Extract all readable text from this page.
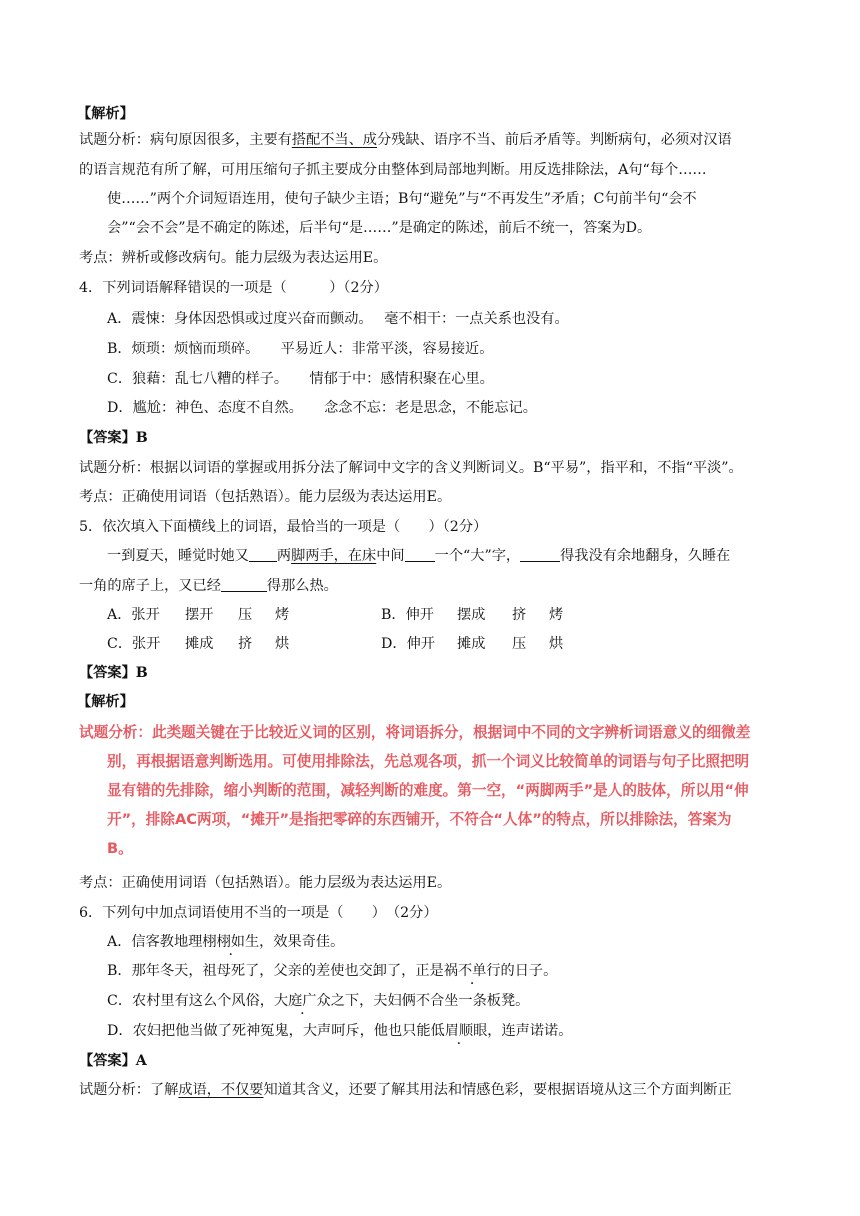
【解析】
试题分析：病句原因很多，主要有搭配不当、成分残缺、语序不当、前后矛盾等。判断病句，必须对汉语
的语言规范有所了解，可用压缩句子抓主要成分由整体到局部地判断。用反选排除法，A句“每个……
使……”两个介词短语连用，使句子缺少主语；B句“避免”与“不再发生”矛盾；C句前半句“会不
会”“会不会”是不确定的陈述，后半句“是……”是确定的陈述，前后不统一，答案为D。
考点：辨析或修改病句。能力层级为表达运用E。
4．下列词语解释错误的一项是（　　　）（2分）
A．震悚：身体因恐惧或过度兴奋而颤动。　 毫不相干：一点关系也没有。
B．烦琐：烦恼而琐碎。　　平易近人：非常平淡，容易接近。
C．狼藉：乱七八糟的样子。　　情郁于中：感情积聚在心里。
D．尴尬：神色、态度不自然。　　念念不忘：老是思念，不能忘记。
【答案】B
试题分析：根据以词语的掌握或用拆分法了解词中文字的含义判断词义。B“平易”，指平和，不指“平淡”。
考点：正确使用词语（包括熟语）。能力层级为表达运用E。
5．依次填入下面横线上的词语，最恰当的一项是（　　）（2分）
一到夏天，睡觉时她又 两脚两手，在床中间 一个“大”字，	得我没有余地翻身，久睡在
一角的席子上，又已经	得那么热。
A．张开 摆开 压 烤	B．伸开 摆成 挤 烤
C．张开 摊成 挤 烘	D．伸开 摊成 压 烘
【答案】B
【解析】
试题分析：此类题关键在于比较近义词的区别，将词语拆分，根据词中不同的文字辨析词语意义的细微差
别，再根据语意判断选用。可使用排除法，先总观各项，抓一个词义比较简单的词语与句子比照把明
显有错的先排除，缩小判断的范围，减轻判断的难度。第一空，“两脚两手”是人的肢体，所以用“伸
开”，排除AC两项，“摊开”是指把零碎的东西铺开，不符合“人体”的特点，所以排除法，答案为
B。
考点：正确使用词语（包括熟语）。能力层级为表达运用E。
6．下列句中加点词语使用不当的一项是（　　）　（2分）
A．信客教地理栩栩如生，效果奇佳。
B．那年冬天，祖母死了，父亲的差使也交卸了，正是祸不单行的日子。
C．农村里有这么个风俗，大庭广众之下，夫妇俩不合坐一条板凳。
D．农妇把他当做了死神冤鬼，大声呵斥，他也只能低眉顺眼，连声诺诺。
【答案】A
试题分析：了解成语，不仅要知道其含义，还要了解其用法和情感色彩，要根据语境从这三个方面判断正
